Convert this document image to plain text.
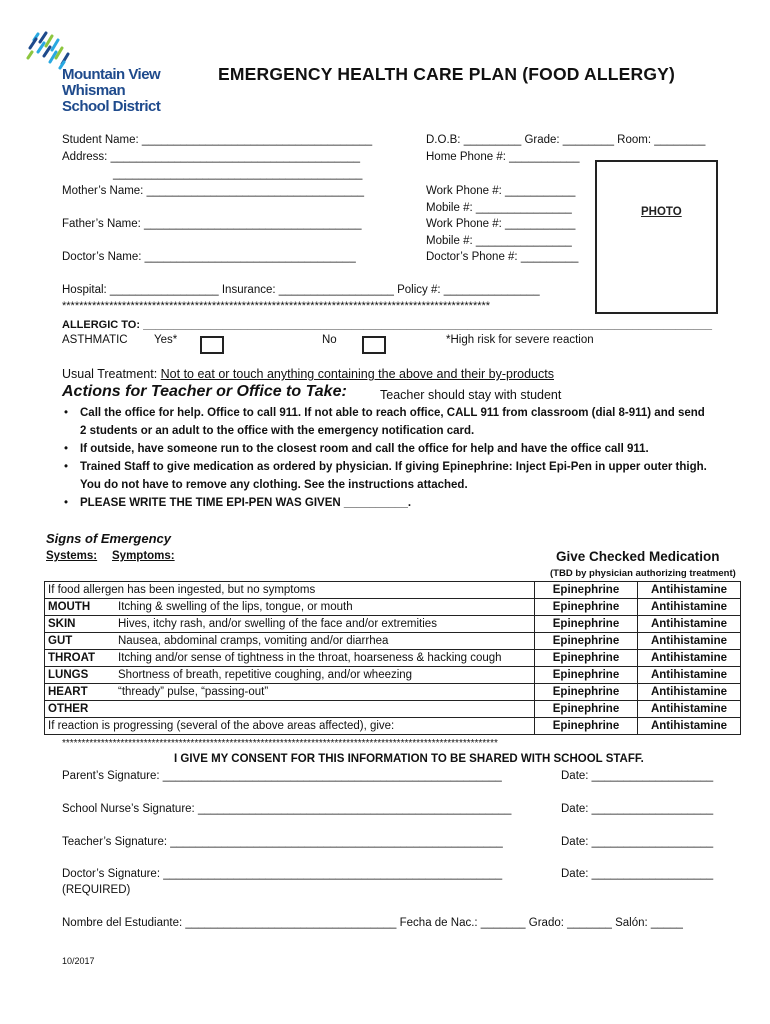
Mountain View
Whisman
School District
EMERGENCY HEALTH CARE PLAN (FOOD ALLERGY)
Student Name: ____________________________________	D.O.B: _________ Grade: ________ Room: ________
Address: _______________________________________	Home Phone #: ___________
_______________________________________
Mother’s Name: __________________________________	Work Phone #: ___________
Mobile #: _______________
Father’s Name: __________________________________	Work Phone #: ___________
Mobile #: _______________
Doctor’s Name: _________________________________	Doctor’s Phone #: _________
PHOTO
Hospital: _________________ Insurance: __________________ Policy #: _______________
****************************************************************************************************
ALLERGIC TO: _____________________________________________________________________________________________
ASTHMATIC Yes*	No	*High risk for severe reaction
Usual Treatment: Not to eat or touch anything containing the above and their by-products
Actions for Teacher or Office to Take:	Teacher should stay with student
•	Call the office for help. Office to call 911. If not able to reach office, CALL 911 from classroom (dial 8-911) and send
2 students or an adult to the office with the emergency notification card.
•	If outside, have someone run to the closest room and call the office for help and have the office call 911.
•	Trained Staff to give medication as ordered by physician. If giving Epinephrine: Inject Epi-Pen in upper outer thigh.
You do not have to remove any clothing. See the instructions attached.
•	PLEASE WRITE THE TIME EPI-PEN WAS GIVEN __________.
Signs of Emergency
Systems: Symptoms:	Give Checked Medication
(TBD by physician authorizing treatment)
If food allergen has been ingested, but no symptoms		Epinephrine	Antihistamine
MOUTH	Itching & swelling of the lips, tongue, or mouth	Epinephrine	Antihistamine
SKIN	Hives, itchy rash, and/or swelling of the face and/or extremities	Epinephrine	Antihistamine
GUT	Nausea, abdominal cramps, vomiting and/or diarrhea	Epinephrine	Antihistamine
THROAT	Itching and/or sense of tightness in the throat, hoarseness & hacking cough	Epinephrine	Antihistamine
LUNGS	Shortness of breath, repetitive coughing, and/or wheezing	Epinephrine	Antihistamine
HEART	“thready” pulse, “passing-out”	Epinephrine	Antihistamine
OTHER		Epinephrine	Antihistamine
If reaction is progressing (several of the above areas affected), give:		Epinephrine	Antihistamine
****************************************************************************************************************
I GIVE MY CONSENT FOR THIS INFORMATION TO BE SHARED WITH SCHOOL STAFF.
Parent’s Signature: _____________________________________________________	Date: ___________________
School Nurse’s Signature: _________________________________________________	Date: ___________________
Teacher’s Signature: ____________________________________________________	Date: ___________________
Doctor’s Signature: _____________________________________________________	Date: ___________________
(REQUIRED)
Nombre del Estudiante: _________________________________ Fecha de Nac.: _______ Grado: _______ Salón: _____
10/2017
